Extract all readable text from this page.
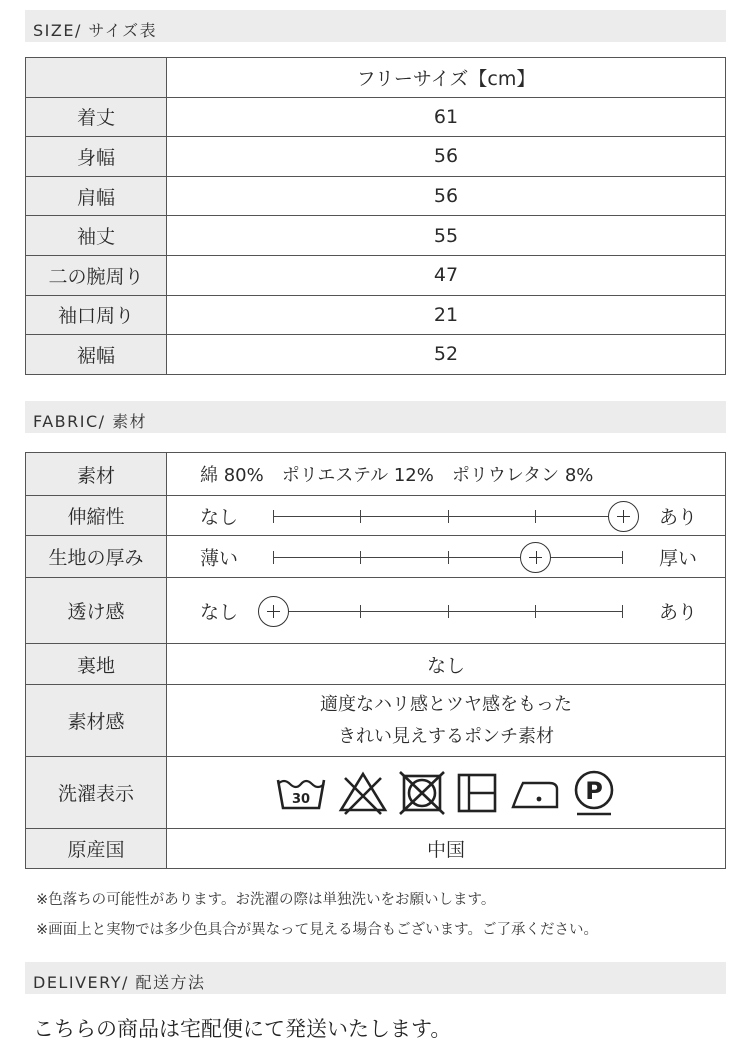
SIZE/ サイズ表
	フリーサイズ【cm】
着丈	61
身幅	56
肩幅	56
袖丈	55
二の腕周り	47
袖口周り	21
裾幅	52
FABRIC/ 素材
素材	綿 80%　ポリエステル 12%　ポリウレタン 8%
伸縮性	なし あり

生地の厚み	薄い 厚い

透け感	なし あり

裏地	なし
素材感	適度なハリ感とツヤ感をもった
きれい見えするポンチ素材

洗濯表示	30 P

原産国	中国
※色落ちの可能性があります。お洗濯の際は単独洗いをお願いします。
※画面上と実物では多少色具合が異なって見える場合もございます。ご了承ください。
DELIVERY/ 配送方法
こちらの商品は宅配便にて発送いたします。
